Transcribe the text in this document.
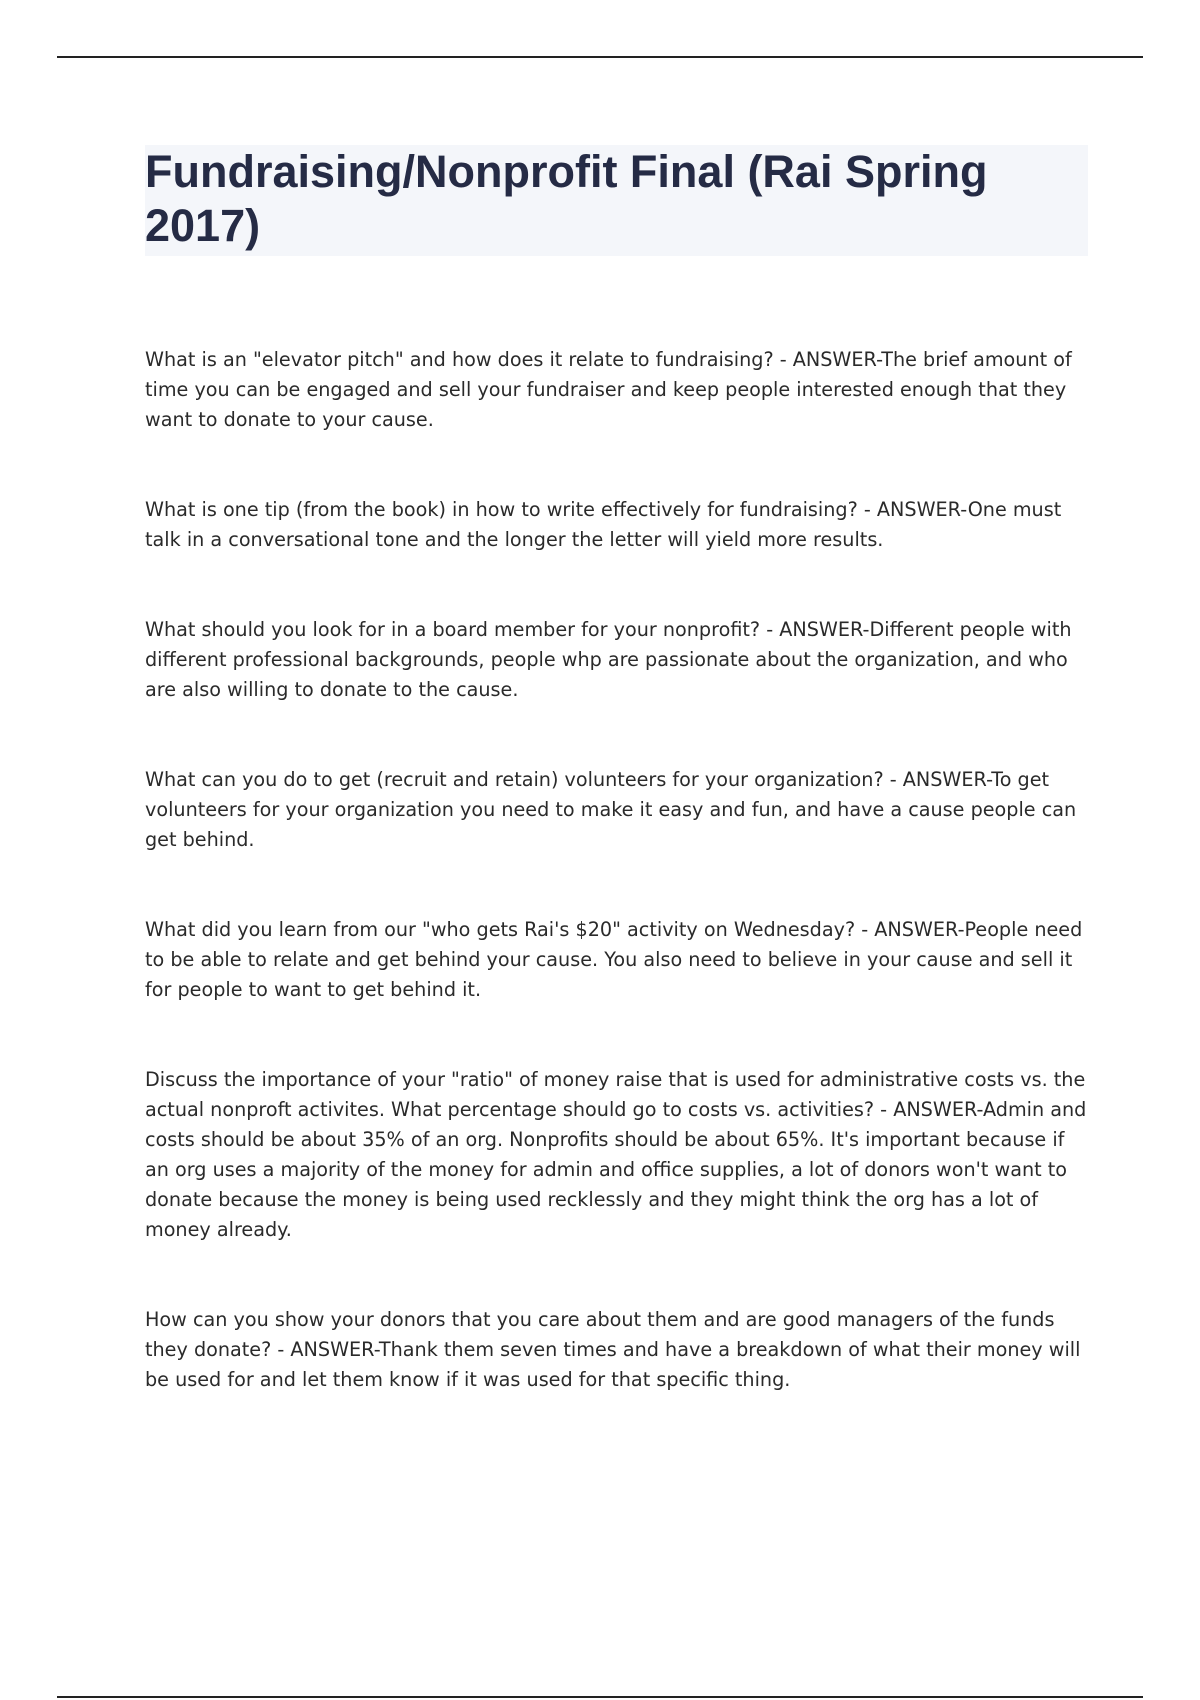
Fundraising/Nonprofit Final (Rai Spring 2017)

What is an "elevator pitch" and how does it relate to fundraising? - ANSWER-The brief amount of time you can be engaged and sell your fundraiser and keep people interested enough that they want to donate to your cause.

What is one tip (from the book) in how to write effectively for fundraising? - ANSWER-One must talk in a conversational tone and the longer the letter will yield more results.

What should you look for in a board member for your nonprofit? - ANSWER-Different people with different professional backgrounds, people whp are passionate about the organization, and who are also willing to donate to the cause.

What can you do to get (recruit and retain) volunteers for your organization? - ANSWER-To get volunteers for your organization you need to make it easy and fun, and have a cause people can get behind.

What did you learn from our "who gets Rai's $20" activity on Wednesday? - ANSWER-People need to be able to relate and get behind your cause. You also need to believe in your cause and sell it for people to want to get behind it.

Discuss the importance of your "ratio" of money raise that is used for administrative costs vs. the actual nonproft activites. What percentage should go to costs vs. activities? - ANSWER-Admin and costs should be about 35% of an org. Nonprofits should be about 65%. It's important because if an org uses a majority of the money for admin and office supplies, a lot of donors won't want to donate because the money is being used recklessly and they might think the org has a lot of money already.

How can you show your donors that you care about them and are good managers of the funds they donate? - ANSWER-Thank them seven times and have a breakdown of what their money will be used for and let them know if it was used for that specific thing.
